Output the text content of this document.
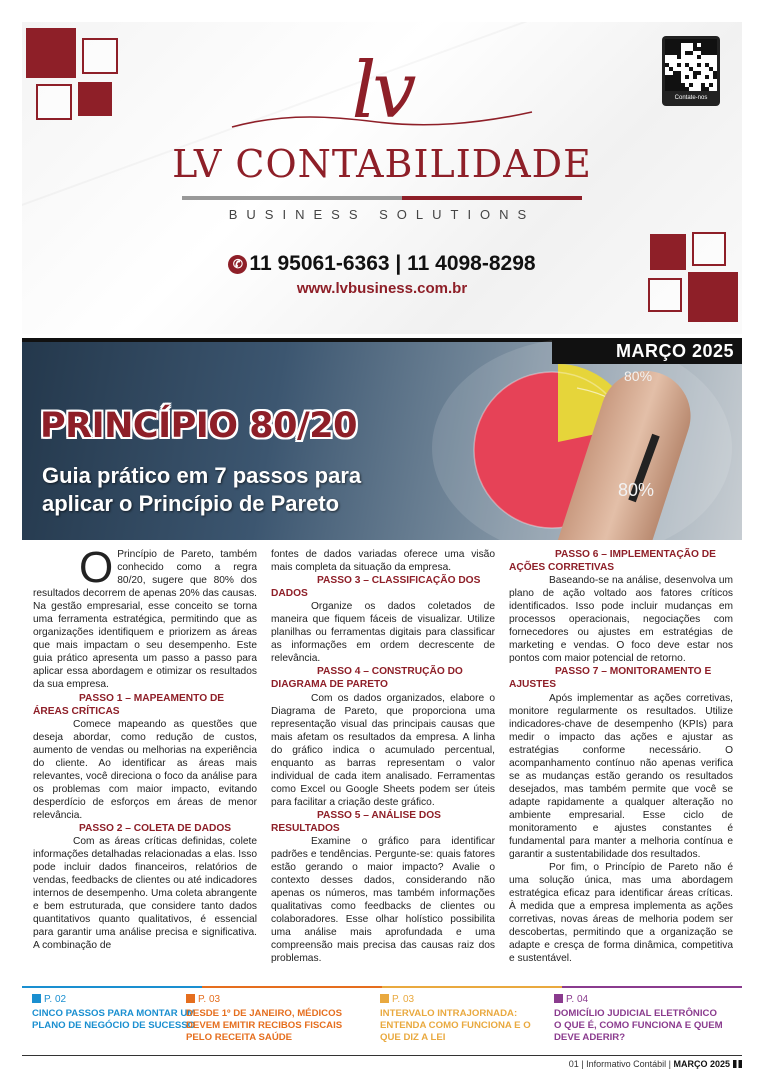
lv
LV CONTABILIDADE
BUSINESS SOLUTIONS
✆ 11 95061-6363 | 11 4098-8298
www.lvbusiness.com.br
Contate-nos
80%
80%
MARÇO 2025
PRINCÍPIO 80/20
Guia prático em 7 passos para
aplicar o Princípio de Pareto

O Princípio de Pareto, também conhecido como a regra 80/20, sugere que 80% dos resultados decorrem de apenas 20% das causas. Na gestão empresarial, esse conceito se torna uma ferramenta estratégica, permitindo que as organizações identifiquem e priorizem as áreas que mais impactam o seu desempenho. Este guia prático apresenta um passo a passo para aplicar essa abordagem e otimizar os resultados da sua empresa.

PASSO 1 – MAPEAMENTO DE ÁREAS CRÍTICAS

Comece mapeando as questões que deseja abordar, como redução de custos, aumento de vendas ou melhorias na experiência do cliente. Ao identificar as áreas mais relevantes, você direciona o foco da análise para os problemas com maior impacto, evitando desperdício de esforços em áreas de menor relevância.

PASSO 2 – COLETA DE DADOS

Com as áreas críticas definidas, colete informações detalhadas relacionadas a elas. Isso pode incluir dados financeiros, relatórios de vendas, feedbacks de clientes ou até indicadores internos de desempenho. Uma coleta abrangente e bem estruturada, que considere tanto dados quantitativos quanto qualitativos, é essencial para garantir uma análise precisa e significativa. A combinação de

fontes de dados variadas oferece uma visão mais completa da situação da empresa.

PASSO 3 – CLASSIFICAÇÃO DOS DADOS

Organize os dados coletados de maneira que fiquem fáceis de visualizar. Utilize planilhas ou ferramentas digitais para classificar as informações em ordem decrescente de relevância.

PASSO 4 – CONSTRUÇÃO DO DIAGRAMA DE PARETO

Com os dados organizados, elabore o Diagrama de Pareto, que proporciona uma representação visual das principais causas que mais afetam os resultados da empresa. A linha do gráfico indica o acumulado percentual, enquanto as barras representam o valor individual de cada item analisado. Ferramentas como Excel ou Google Sheets podem ser úteis para facilitar a criação deste gráfico.

PASSO 5 – ANÁLISE DOS RESULTADOS

Examine o gráfico para identificar padrões e tendências. Pergunte-se: quais fatores estão gerando o maior impacto? Avalie o contexto desses dados, considerando não apenas os números, mas também informações qualitativas como feedbacks de clientes ou colaboradores. Esse olhar holístico possibilita uma análise mais aprofundada e uma compreensão mais precisa das causas raiz dos problemas.

PASSO 6 – IMPLEMENTAÇÃO DE AÇÕES CORRETIVAS

Baseando-se na análise, desenvolva um plano de ação voltado aos fatores críticos identificados. Isso pode incluir mudanças em processos operacionais, negociações com fornecedores ou ajustes em estratégias de marketing e vendas. O foco deve estar nos pontos com maior potencial de retorno.

PASSO 7 – MONITORAMENTO E AJUSTES

Após implementar as ações corretivas, monitore regularmente os resultados. Utilize indicadores-chave de desempenho (KPIs) para medir o impacto das ações e ajustar as estratégias conforme necessário. O acompanhamento contínuo não apenas verifica se as mudanças estão gerando os resultados desejados, mas também permite que você se adapte rapidamente a qualquer alteração no ambiente empresarial. Esse ciclo de monitoramento e ajustes constantes é fundamental para manter a melhoria contínua e garantir a sustentabilidade dos resultados.

Por fim, o Princípio de Pareto não é uma solução única, mas uma abordagem estratégica eficaz para identificar áreas críticas. À medida que a empresa implementa as ações corretivas, novas áreas de melhoria podem ser descobertas, permitindo que a organização se adapte e cresça de forma dinâmica, competitiva e sustentável.

P. 02
CINCO PASSOS PARA MONTAR UM PLANO DE NEGÓCIO DE SUCESSO
P. 03
DESDE 1º DE JANEIRO, MÉDICOS DEVEM EMITIR RECIBOS FISCAIS PELO RECEITA SAÚDE
P. 03
INTERVALO INTRAJORNADA: ENTENDA COMO FUNCIONA E O QUE DIZ A LEI
P. 04
DOMICÍLIO JUDICIAL ELETRÔNICO O QUE É, COMO FUNCIONA E QUEM DEVE ADERIR?
01 | Informativo Contábil | MARÇO 2025
